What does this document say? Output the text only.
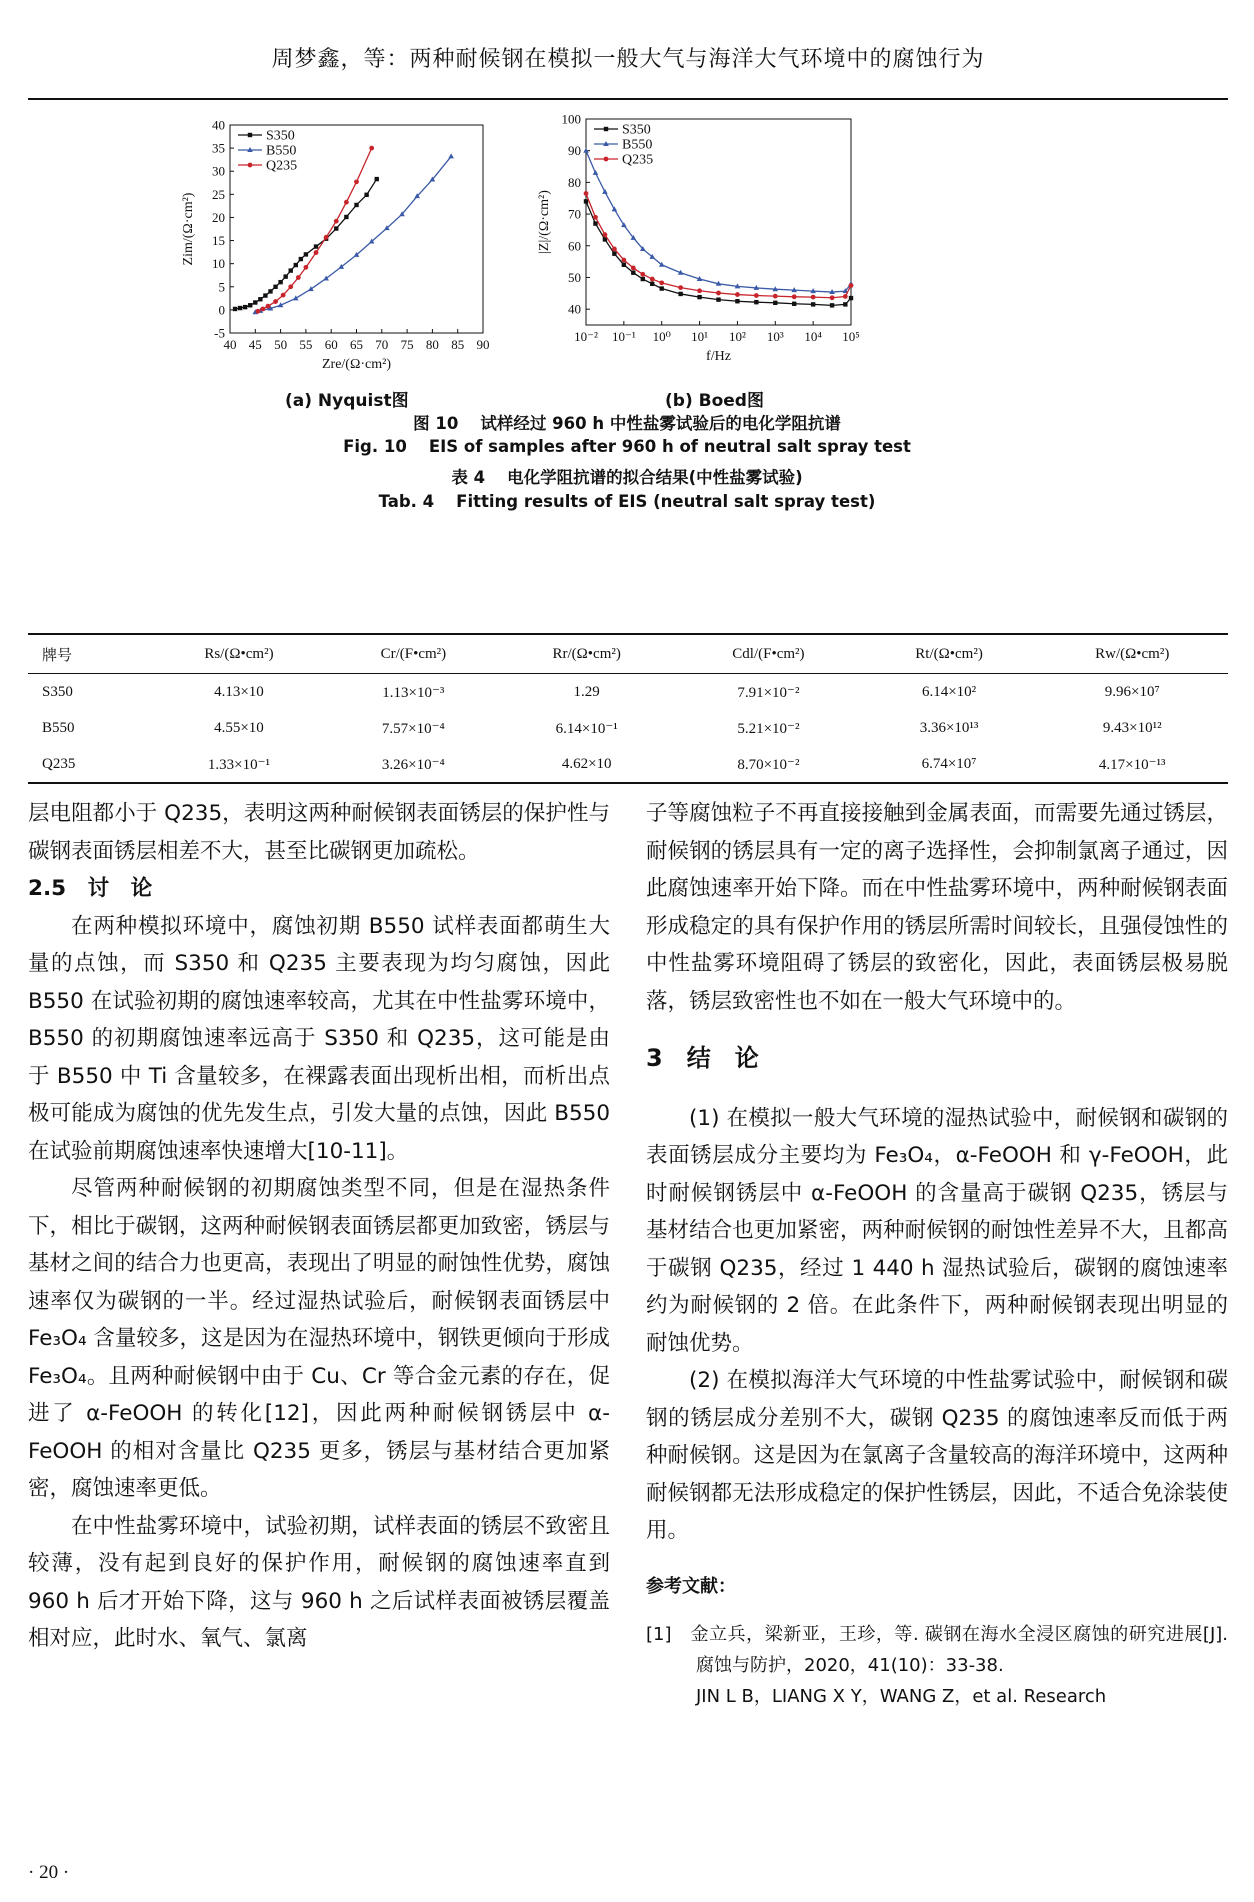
周梦鑫，等：两种耐候钢在模拟一般大气与海洋大气环境中的腐蚀行为
-5
0
5
10
15
20
25
30
35
40
40 45 50 55 60 65 70 75 80 85 90
Zre/(Ω·cm²)
Zim/(Ω·cm²)
S350
B550
Q235
(a) Nyquist图
40
50
60
70
80
90
100
10⁻² 10⁻¹ 10⁰ 10¹ 10² 10³ 10⁴ 10⁵
f/Hz
|Z|/(Ω·cm²)
S350
B550
Q235
(b) Boed图
图 10 试样经过 960 h 中性盐雾试验后的电化学阻抗谱
Fig. 10 EIS of samples after 960 h of neutral salt spray test
表 4 电化学阻抗谱的拟合结果(中性盐雾试验)
Tab. 4 Fitting results of EIS (neutral salt spray test)
牌号	Rs/(Ω•cm²)	Cr/(F•cm²)	Rr/(Ω•cm²)	Cdl/(F•cm²)	Rt/(Ω•cm²)	Rw/(Ω•cm²)
S350	4.13×10	1.13×10⁻³	1.29	7.91×10⁻²	6.14×10²	9.96×10⁷
B550	4.55×10	7.57×10⁻⁴	6.14×10⁻¹	5.21×10⁻²	3.36×10¹³	9.43×10¹²
Q235	1.33×10⁻¹	3.26×10⁻⁴	4.62×10	8.70×10⁻²	6.74×10⁷	4.17×10⁻¹³

层电阻都小于 Q235，表明这两种耐候钢表面锈层的保护性与碳钢表面锈层相差不大，甚至比碳钢更加疏松。

2.5　讨　论

在两种模拟环境中，腐蚀初期 B550 试样表面都萌生大量的点蚀，而 S350 和 Q235 主要表现为均匀腐蚀，因此 B550 在试验初期的腐蚀速率较高，尤其在中性盐雾环境中，B550 的初期腐蚀速率远高于 S350 和 Q235，这可能是由于 B550 中 Ti 含量较多，在裸露表面出现析出相，而析出点极可能成为腐蚀的优先发生点，引发大量的点蚀，因此 B550 在试验前期腐蚀速率快速增大[10-11]。

尽管两种耐候钢的初期腐蚀类型不同，但是在湿热条件下，相比于碳钢，这两种耐候钢表面锈层都更加致密，锈层与基材之间的结合力也更高，表现出了明显的耐蚀性优势，腐蚀速率仅为碳钢的一半。经过湿热试验后，耐候钢表面锈层中 Fe₃O₄ 含量较多，这是因为在湿热环境中，钢铁更倾向于形成 Fe₃O₄。且两种耐候钢中由于 Cu、Cr 等合金元素的存在，促进了 α-FeOOH 的转化[12]，因此两种耐候钢锈层中 α-FeOOH 的相对含量比 Q235 更多，锈层与基材结合更加紧密，腐蚀速率更低。

在中性盐雾环境中，试验初期，试样表面的锈层不致密且较薄，没有起到良好的保护作用，耐候钢的腐蚀速率直到 960 h 后才开始下降，这与 960 h 之后试样表面被锈层覆盖相对应，此时水、氧气、氯离

子等腐蚀粒子不再直接接触到金属表面，而需要先通过锈层，耐候钢的锈层具有一定的离子选择性，会抑制氯离子通过，因此腐蚀速率开始下降。而在中性盐雾环境中，两种耐候钢表面形成稳定的具有保护作用的锈层所需时间较长，且强侵蚀性的中性盐雾环境阻碍了锈层的致密化，因此，表面锈层极易脱落，锈层致密性也不如在一般大气环境中的。

3　结　论

(1) 在模拟一般大气环境的湿热试验中，耐候钢和碳钢的表面锈层成分主要均为 Fe₃O₄，α-FeOOH 和 γ-FeOOH，此时耐候钢锈层中 α-FeOOH 的含量高于碳钢 Q235，锈层与基材结合也更加紧密，两种耐候钢的耐蚀性差异不大，且都高于碳钢 Q235，经过 1 440 h 湿热试验后，碳钢的腐蚀速率约为耐候钢的 2 倍。在此条件下，两种耐候钢表现出明显的耐蚀优势。

(2) 在模拟海洋大气环境的中性盐雾试验中，耐候钢和碳钢的锈层成分差别不大，碳钢 Q235 的腐蚀速率反而低于两种耐候钢。这是因为在氯离子含量较高的海洋环境中，这两种耐候钢都无法形成稳定的保护性锈层，因此，不适合免涂装使用。

参考文献：

[1]　金立兵，梁新亚，王珍，等. 碳钢在海水全浸区腐蚀的研究进展[J]. 腐蚀与防护，2020，41(10)：33-38.

JIN L B，LIANG X Y，WANG Z，et al. Research

· 20 ·
